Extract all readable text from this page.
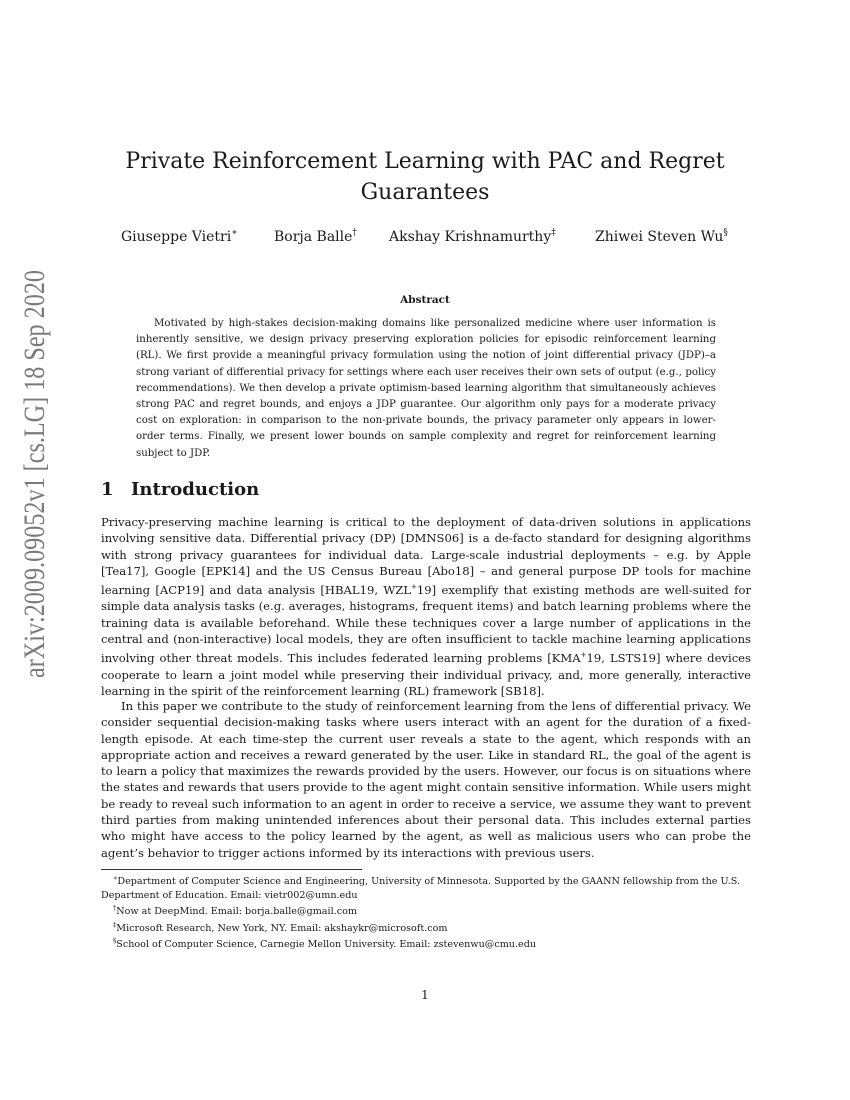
arXiv:2009.09052v1 [cs.LG] 18 Sep 2020
Private Reinforcement Learning with PAC and Regret Guarantees
Giuseppe Vietri∗	Borja Balle† Akshay Krishnamurthy‡	Zhiwei Steven Wu§
Abstract

Motivated by high-stakes decision-making domains like personalized medicine where user information is inherently sensitive, we design privacy preserving exploration policies for episodic reinforcement learning (RL). We first provide a meaningful privacy formulation using the notion of joint differential privacy (JDP)–a strong variant of differential privacy for settings where each user receives their own sets of output (e.g., policy recommendations). We then develop a private optimism-based learning algorithm that simultaneously achieves strong PAC and regret bounds, and enjoys a JDP guarantee. Our algorithm only pays for a moderate privacy cost on exploration: in comparison to the non-private bounds, the privacy parameter only appears in lower-order terms. Finally, we present lower bounds on sample complexity and regret for reinforcement learning subject to JDP.

1 Introduction

Privacy-preserving machine learning is critical to the deployment of data-driven solutions in applications involving sensitive data. Differential privacy (DP) [DMNS06] is a de-facto standard for designing algorithms with strong privacy guarantees for individual data. Large-scale industrial deployments – e.g. by Apple [Tea17], Google [EPK14] and the US Census Bureau [Abo18] – and general purpose DP tools for machine learning [ACP19] and data analysis [HBAL19, WZL+19] exemplify that existing methods are well-suited for simple data analysis tasks (e.g. averages, histograms, frequent items) and batch learning problems where the training data is available beforehand. While these techniques cover a large number of applications in the central and (non-interactive) local models, they are often insufficient to tackle machine learning applications involving other threat models. This includes federated learning problems [KMA+19, LSTS19] where devices cooperate to learn a joint model while preserving their individual privacy, and, more generally, interactive learning in the spirit of the reinforcement learning (RL) framework [SB18].

In this paper we contribute to the study of reinforcement learning from the lens of differential privacy. We consider sequential decision-making tasks where users interact with an agent for the duration of a fixed-length episode. At each time-step the current user reveals a state to the agent, which responds with an appropriate action and receives a reward generated by the user. Like in standard RL, the goal of the agent is to learn a policy that maximizes the rewards provided by the users. However, our focus is on situations where the states and rewards that users provide to the agent might contain sensitive information. While users might be ready to reveal such information to an agent in order to receive a service, we assume they want to prevent third parties from making unintended inferences about their personal data. This includes external parties who might have access to the policy learned by the agent, as well as malicious users who can probe the agent’s behavior to trigger actions informed by its interactions with previous users.

∗Department of Computer Science and Engineering, University of Minnesota. Supported by the GAANN fellowship from the U.S. Department of Education. Email: vietr002@umn.edu

†Now at DeepMind. Email: borja.balle@gmail.com

‡Microsoft Research, New York, NY. Email: akshaykr@microsoft.com

§School of Computer Science, Carnegie Mellon University. Email: zstevenwu@cmu.edu

1
